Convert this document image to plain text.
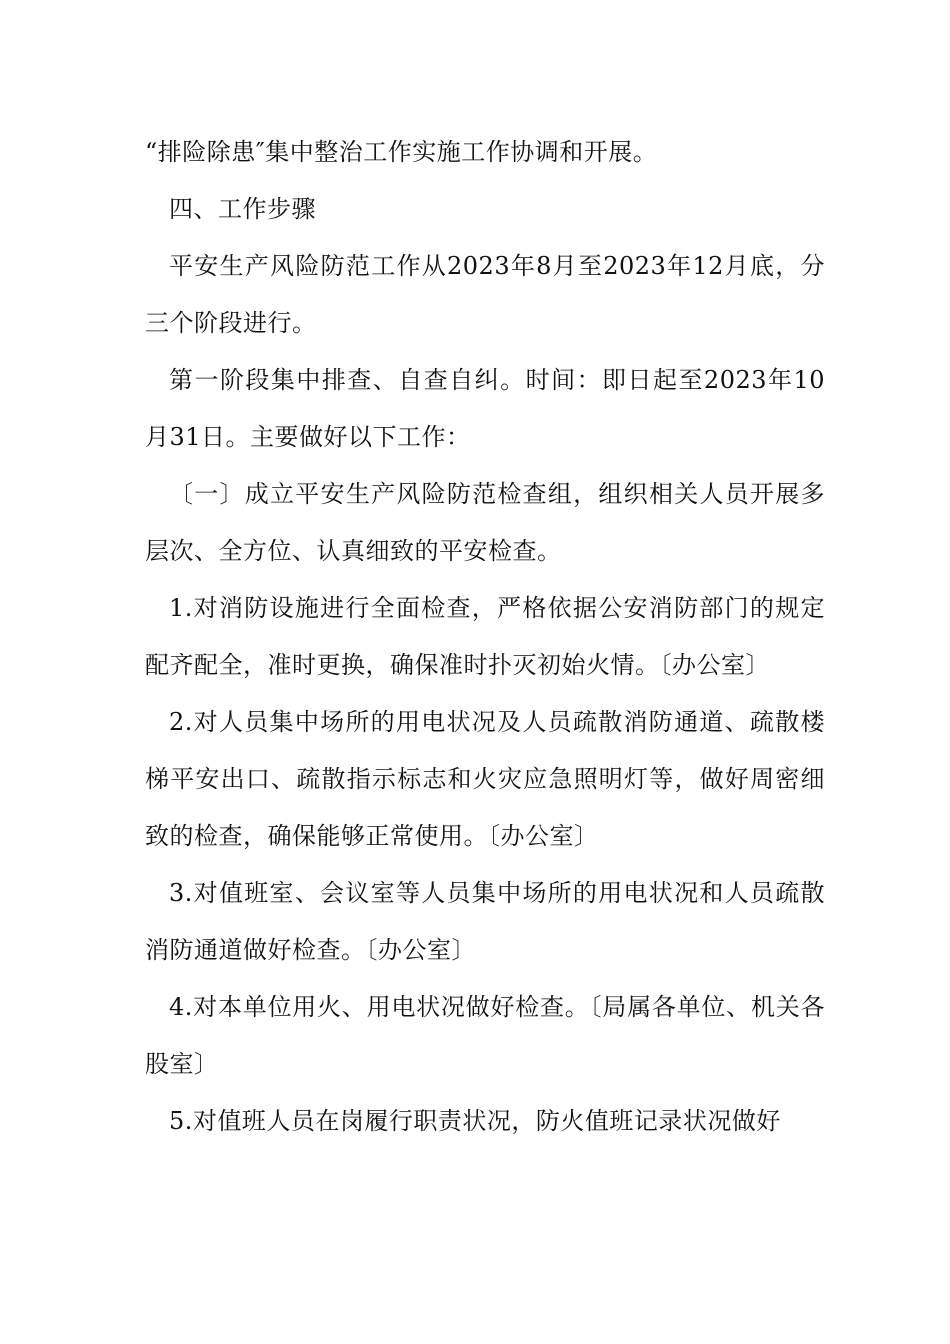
“排险除患″集中整治工作实施工作协调和开展。

四、工作步骤

平安生产风险防范工作从2023年8月至2023年12月底，分三个阶段进行。

第一阶段集中排查、自查自纠。时间：即日起至2023年10月31日。主要做好以下工作：

〔一〕成立平安生产风险防范检查组，组织相关人员开展多层次、全方位、认真细致的平安检查。

1.对消防设施进行全面检查，严格依据公安消防部门的规定配齐配全，准时更换，确保准时扑灭初始火情。〔办公室〕

2.对人员集中场所的用电状况及人员疏散消防通道、疏散楼梯平安出口、疏散指示标志和火灾应急照明灯等，做好周密细致的检查，确保能够正常使用。〔办公室〕

3.对值班室、会议室等人员集中场所的用电状况和人员疏散消防通道做好检查。〔办公室〕

4.对本单位用火、用电状况做好检查。〔局属各单位、机关各股室〕

5.对值班人员在岗履行职责状况，防火值班记录状况做好
